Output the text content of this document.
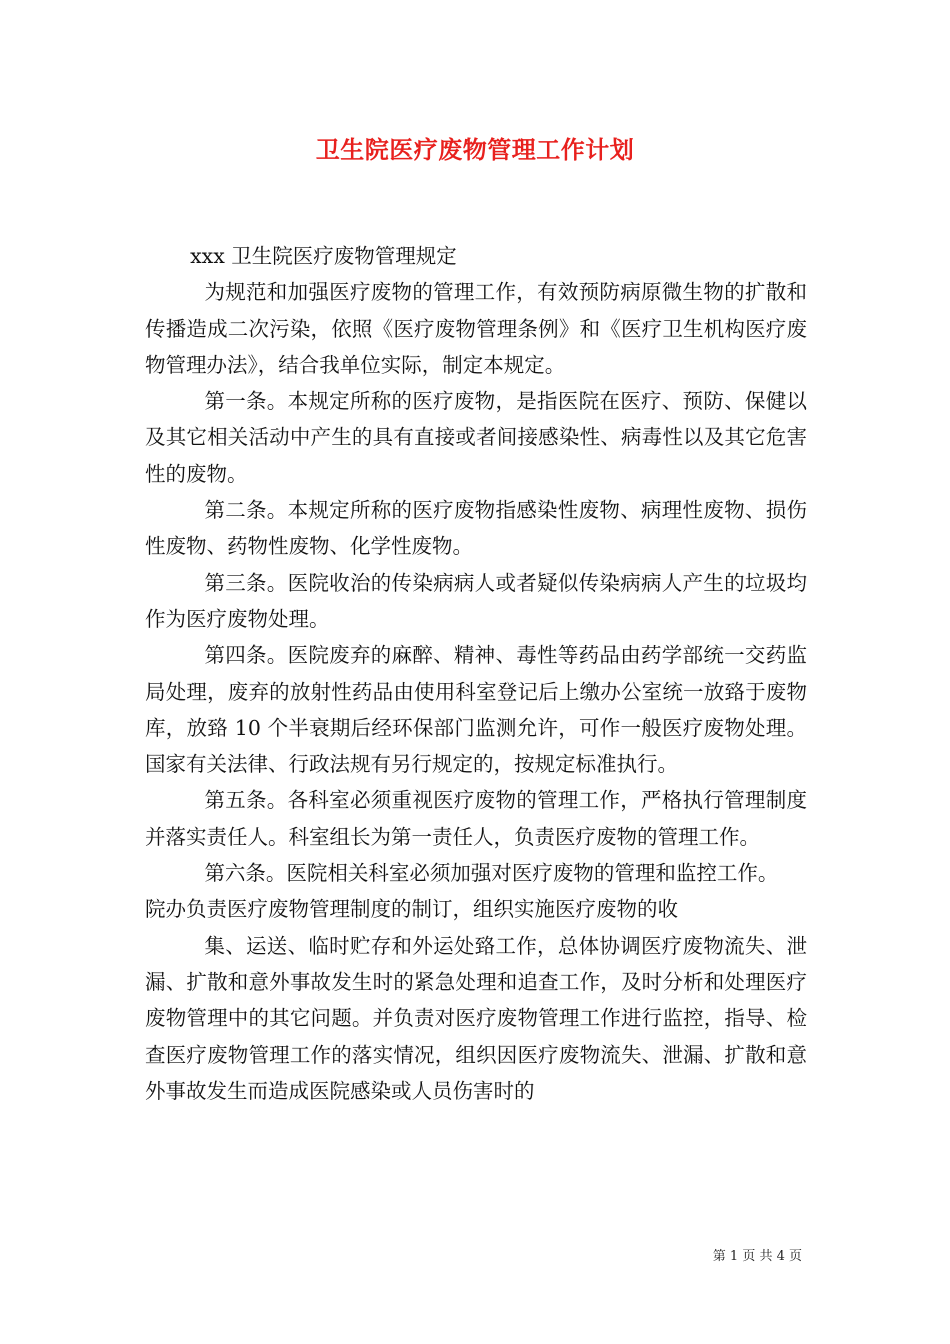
卫生院医疗废物管理工作计划

xxx 卫生院医疗废物管理规定

为规范和加强医疗废物的管理工作，有效预防病原微生物的扩散和传播造成二次污染，依照《医疗废物管理条例》和《医疗卫生机构医疗废物管理办法》，结合我单位实际，制定本规定。

第一条。本规定所称的医疗废物，是指医院在医疗、预防、保健以及其它相关活动中产生的具有直接或者间接感染性、病毒性以及其它危害性的废物。

第二条。本规定所称的医疗废物指感染性废物、病理性废物、损伤性废物、药物性废物、化学性废物。

第三条。医院收治的传染病病人或者疑似传染病病人产生的垃圾均作为医疗废物处理。

第四条。医院废弃的麻醉、精神、毒性等药品由药学部统一交药监局处理，废弃的放射性药品由使用科室登记后上缴办公室统一放臵于废物库，放臵 10 个半衰期后经环保部门监测允许，可作一般医疗废物处理。国家有关法律、行政法规有另行规定的，按规定标准执行。

第五条。各科室必须重视医疗废物的管理工作，严格执行管理制度并落实责任人。科室组长为第一责任人，负责医疗废物的管理工作。

第六条。医院相关科室必须加强对医疗废物的管理和监控工作。

院办负责医疗废物管理制度的制订，组织实施医疗废物的收

集、运送、临时贮存和外运处臵工作，总体协调医疗废物流失、泄漏、扩散和意外事故发生时的紧急处理和追查工作，及时分析和处理医疗废物管理中的其它问题。并负责对医疗废物管理工作进行监控，指导、检查医疗废物管理工作的落实情况，组织因医疗废物流失、泄漏、扩散和意外事故发生而造成医院感染或人员伤害时的

第 1 页 共 4 页
